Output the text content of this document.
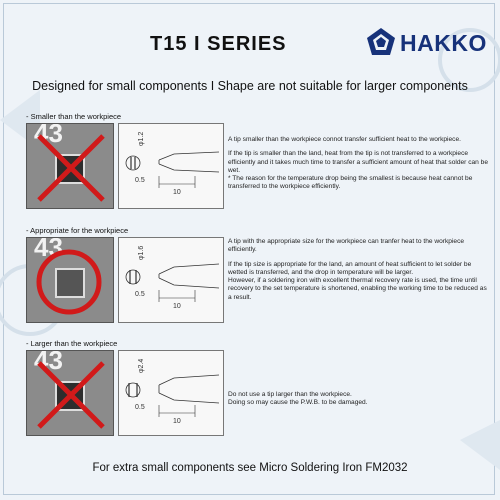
T15 I SERIES	HAKKO
Designed for small components I Shape are not suitable for larger components
- Smaller than the workpiece
43	φ1.2
0.5
10

A tip smaller than the workpiece connot transfer sufficient heat to the workpiece.

If the tip is smaller than the land, heat from the tip is not transferred to a workpiece efficiently and it takes much time to transfer a sufficient amount of heat that solder can be wet.
* The reason for the temperature drop being the smallest is because heat cannot be transferred to the workpiece efficiently.

- Appropriate for the workpiece
43	φ1.6
0.5
10

A tip with the appropriate size for the workpiece can tranfer heat to the workpiece efficiently.

If the tip size is appropriate for the land, an amount of heat sufficient to let solder be wetted is transferred, and the drop in temperature will be larger.
However, if a soldering iron with excellent thermal recovery rate is used, the time until recovery to the set temperature is shortened, enabling the working time to be reduced as a result.

- Larger than the workpiece
43	φ2.4
0.5
10

Do not use a tip larger than the workpiece.
Doing so may cause the P.W.B. to be damaged.

For extra small components see Micro Soldering Iron FM2032
